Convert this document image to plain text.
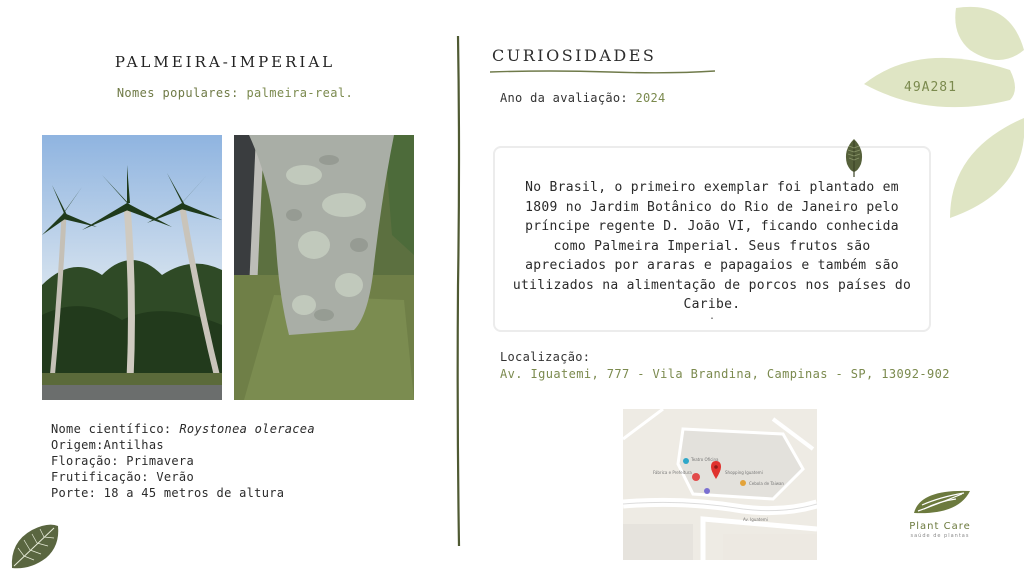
PALMEIRA-IMPERIAL
Nomes populares: palmeira-real.
Nome científico: Roystonea oleracea
Origem:Antilhas
Floração: Primavera
Frutificação: Verão
Porte: 18 a 45 metros de altura
CURIOSIDADES
Ano da avaliação: 2024
No Brasil, o primeiro exemplar foi plantado em 1809 no Jardim Botânico do Rio de Janeiro pelo príncipe regente D. João VI, ficando conhecida como Palmeira Imperial. Seus frutos são apreciados por araras e papagaios e também são utilizados na alimentação de porcos nos países do Caribe.
.
Localização:
Av. Iguatemi, 777 - Vila Brandina, Campinas - SP, 13092-902
Teatro Oficina
Fábrica e Prefeitura	Shopping Iguatemi
Cebola de Taiwan
Av. Iguatemi
49A281
Plant Care
saúde de plantas
